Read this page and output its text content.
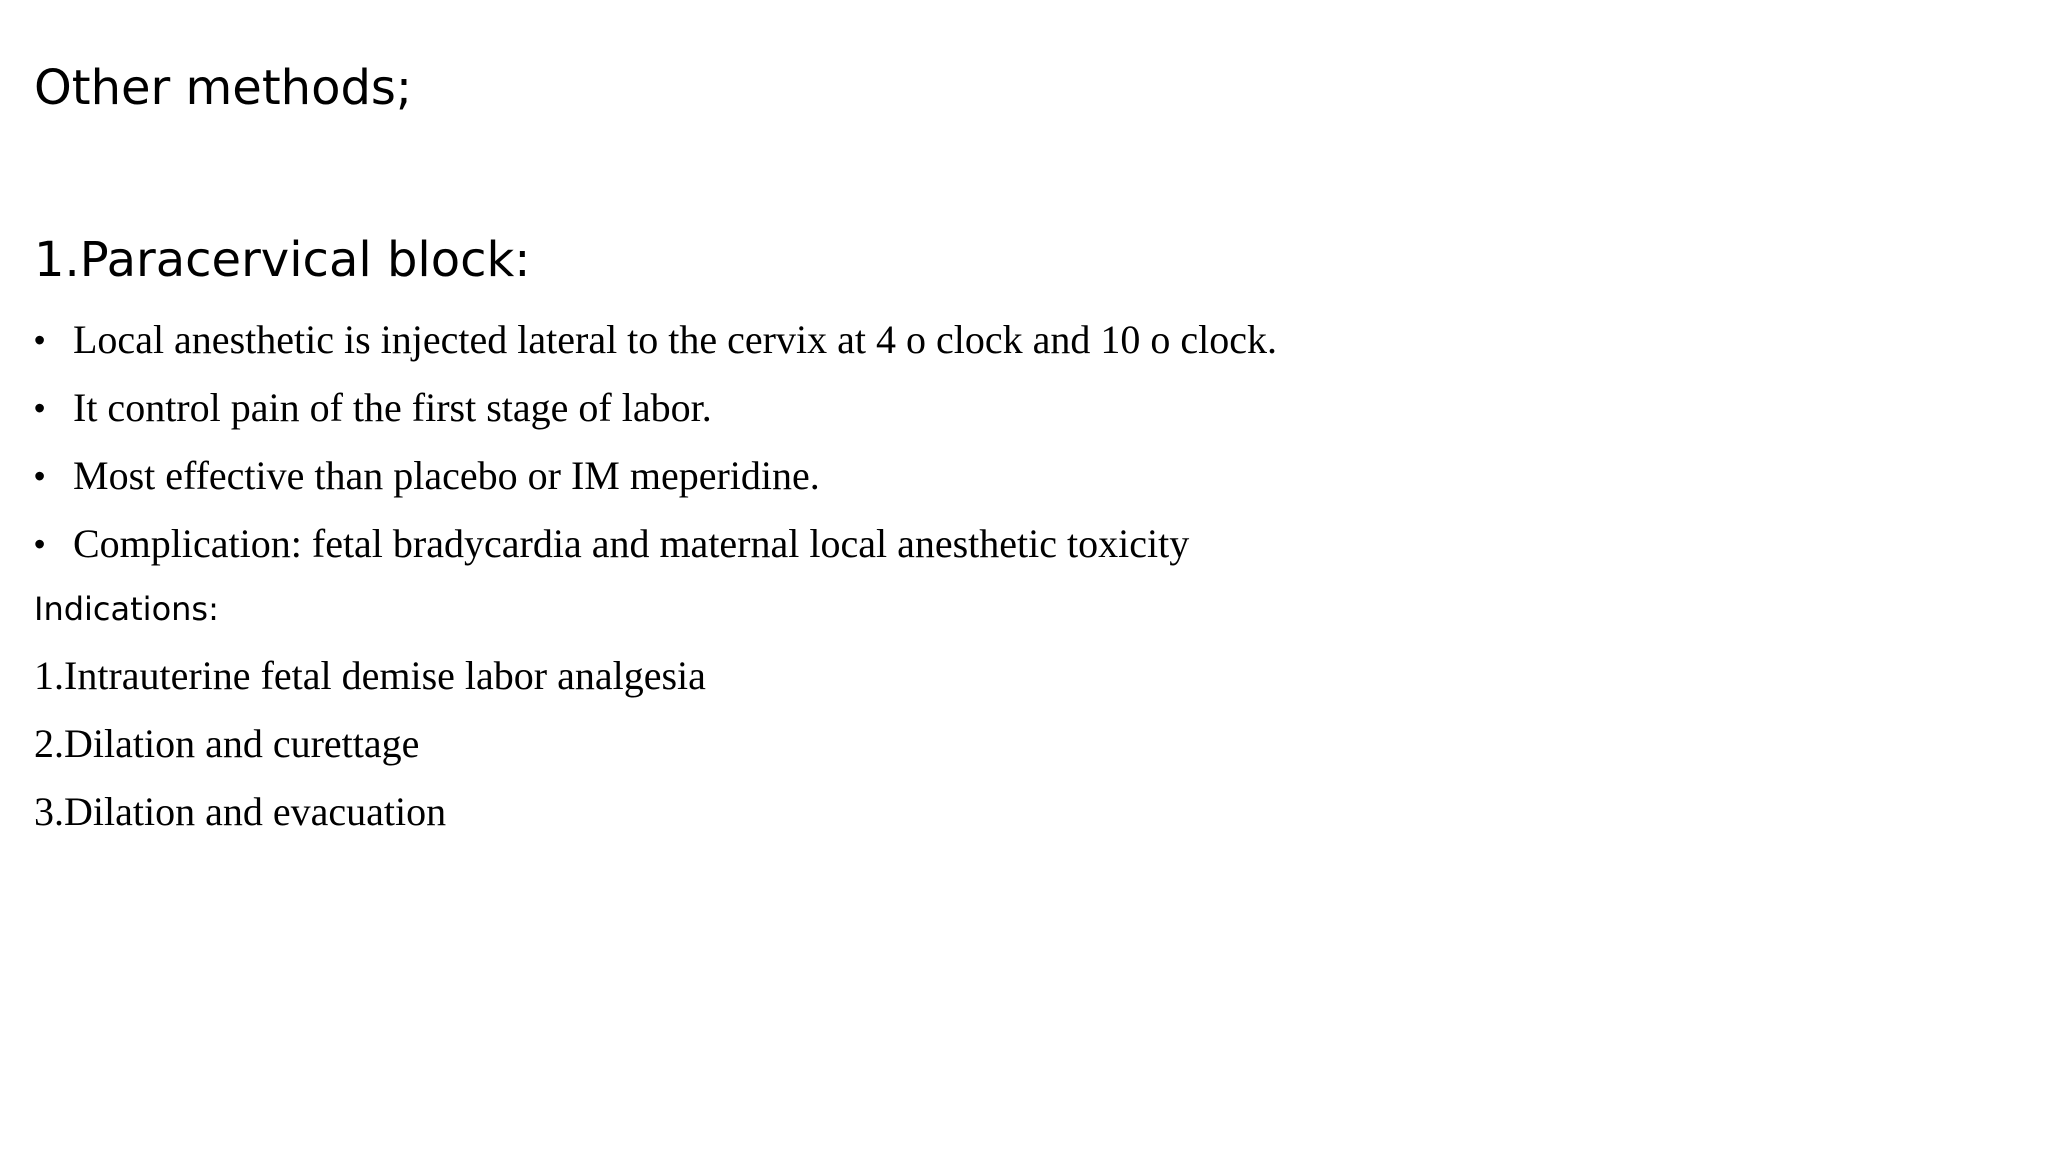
Other methods;
1.Paracervical block:
• Local anesthetic is injected lateral to the cervix at 4 o clock and 10 o clock.
• It control pain of the first stage of labor.
• Most effective than placebo or IM meperidine.
• Complication: fetal bradycardia and maternal local anesthetic toxicity
Indications:
1.Intrauterine fetal demise labor analgesia
2.Dilation and curettage
3.Dilation and evacuation
